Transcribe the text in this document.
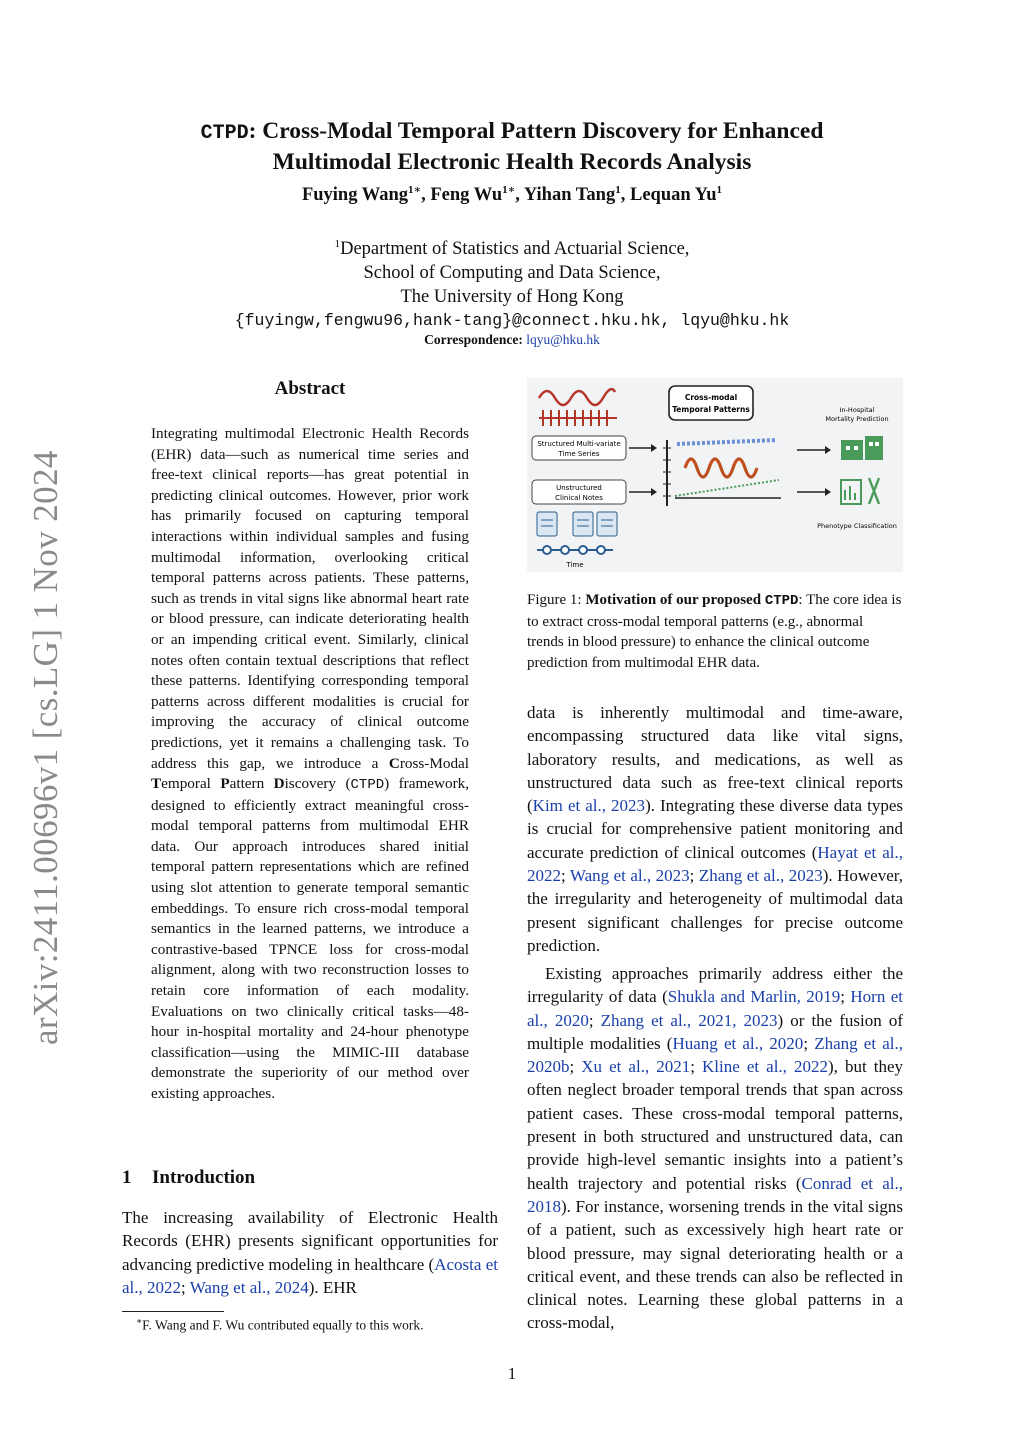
arXiv:2411.00696v1 [cs.LG] 1 Nov 2024
CTPD: Cross-Modal Temporal Pattern Discovery for Enhanced
Multimodal Electronic Health Records Analysis
Fuying Wang$^{1∗}$, Feng $Wu^{1∗}$, Yihan Tang$^1$, Lequan Yu$^1$
$^1$Department of Statistics and Actuarial Science,
School of Computing and Data Science,
The University of Hong Kong
{fuyingw,fengwu96,hank-tang}@connect.hku.hk, lqyu@hku.hk
Correspondence: lqyu@hku.hk
Abstract
Integrating multimodal Electronic Health Records (EHR) data—such as numerical time series and free-text clinical reports—has great potential in predicting clinical outcomes. However, prior work has primarily focused on capturing temporal interactions within individual samples and fusing multimodal information, overlooking critical temporal patterns across patients. These patterns, such as trends in vital signs like abnormal heart rate or blood pressure, can indicate deteriorating health or an impending critical event. Similarly, clinical notes often contain textual descriptions that reflect these patterns. Identifying corresponding temporal patterns across different modalities is crucial for improving the accuracy of clinical outcome predictions, yet it remains a challenging task. To address this gap, we introduce a Cross-Modal Temporal Pattern Discovery (CTPD) framework, designed to efficiently extract meaningful cross-modal temporal patterns from multimodal EHR data. Our approach introduces shared initial temporal pattern representations which are refined using slot attention to generate temporal semantic embeddings. To ensure rich cross-modal temporal semantics in the learned patterns, we introduce a contrastive-based TPNCE loss for cross-modal alignment, along with two reconstruction losses to retain core information of each modality. Evaluations on two clinically critical tasks—48-hour in-hospital mortality and 24-hour phenotype classification—using the MIMIC-III database demonstrate the superiority of our method over existing approaches.
1 Introduction
The increasing availability of Electronic Health Records (EHR) presents significant opportunities for advancing predictive modeling in healthcare (Acosta et al., 2022; Wang et al., 2024). EHR
∗F. Wang and F. Wu contributed equally to this work.
Structured Multi-variate
Time Series
Unstructured
Clinical Notes
Time
Cross-modal
Temporal Patterns	In-Hospital
Mortality Prediction
Phenotype Classification
Figure 1: Motivation of our proposed CTPD: The core idea is to extract cross-modal temporal patterns (e.g., abnormal trends in blood pressure) to enhance the clinical outcome prediction from multimodal EHR data.
data is inherently multimodal and time-aware, encompassing structured data like vital signs, laboratory results, and medications, as well as unstructured data such as free-text clinical reports (Kim et al., 2023). Integrating these diverse data types is crucial for comprehensive patient monitoring and accurate prediction of clinical outcomes (Hayat et al., 2022; Wang et al., 2023; Zhang et al., 2023). However, the irregularity and heterogeneity of multimodal data present significant challenges for precise outcome prediction.
Existing approaches primarily address either the irregularity of data (Shukla and Marlin, 2019; Horn et al., 2020; Zhang et al., 2021, 2023) or the fusion of multiple modalities (Huang et al., 2020; Zhang et al., 2020b; Xu et al., 2021; Kline et al., 2022), but they often neglect broader temporal trends that span across patient cases. These cross-modal temporal patterns, present in both structured and unstructured data, can provide high-level semantic insights into a patient’s health trajectory and potential risks (Conrad et al., 2018). For instance, worsening trends in the vital signs of a patient, such as excessively high heart rate or blood pressure, may signal deteriorating health or a critical event, and these trends can also be reflected in clinical notes. Learning these global patterns in a cross-modal,
1
